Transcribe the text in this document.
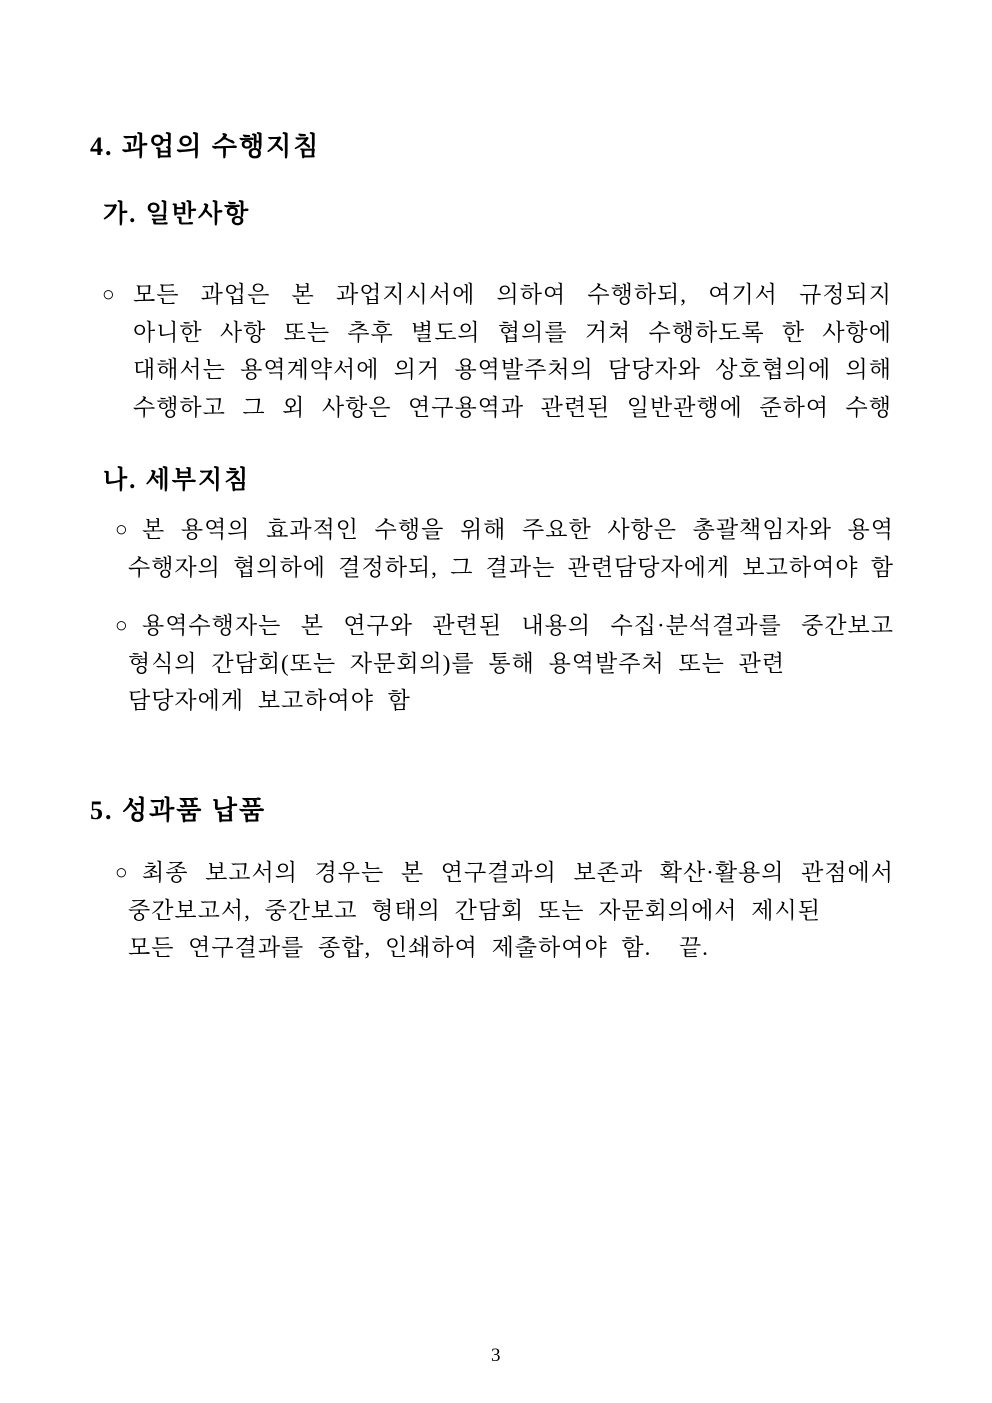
4. 과업의 수행지침
가. 일반사항
○ 모든 과업은 본 과업지시서에 의하여 수행하되, 여기서 규정되지
아니한 사항 또는 추후 별도의 협의를 거쳐 수행하도록 한 사항에
대해서는 용역계약서에 의거 용역발주처의 담당자와 상호협의에 의해
수행하고 그 외 사항은 연구용역과 관련된 일반관행에 준하여 수행
나. 세부지침
○ 본 용역의 효과적인 수행을 위해 주요한 사항은 총괄책임자와 용역
수행자의 협의하에 결정하되, 그 결과는 관련담당자에게 보고하여야 함
○ 용역수행자는 본 연구와 관련된 내용의 수집·분석결과를 중간보고
형식의 간담회(또는 자문회의)를 통해 용역발주처 또는 관련
담당자에게 보고하여야 함
5. 성과품 납품
○ 최종 보고서의 경우는 본 연구결과의 보존과 확산·활용의 관점에서
중간보고서, 중간보고 형태의 간담회 또는 자문회의에서 제시된
모든 연구결과를 종합, 인쇄하여 제출하여야 함.  끝.
3
